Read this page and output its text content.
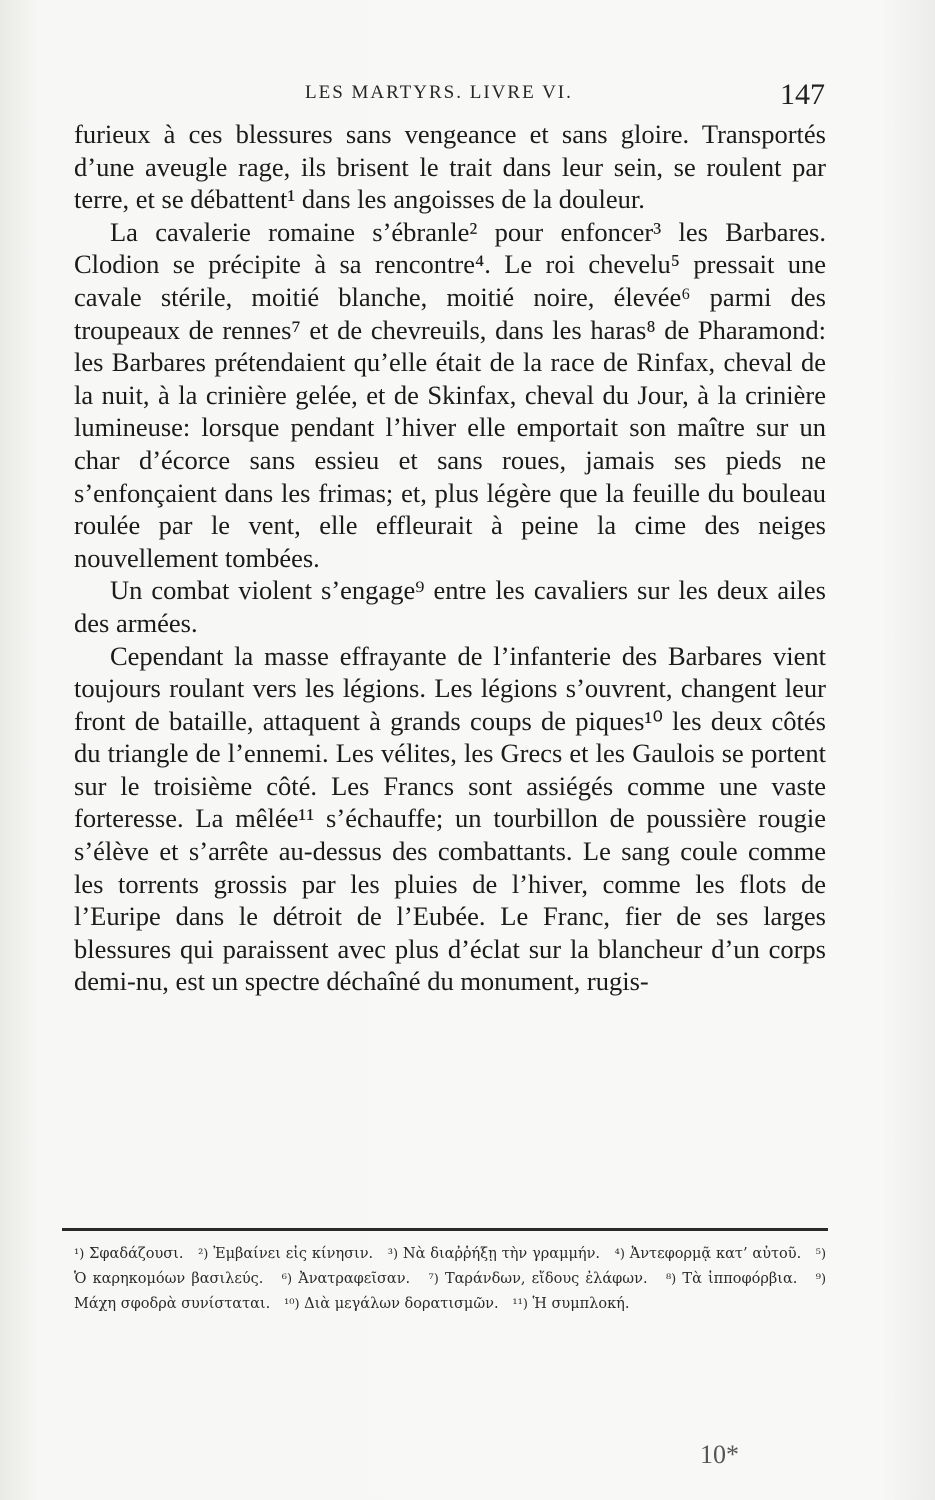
LES MARTYRS. LIVRE VI.	147

furieux à ces blessures sans vengeance et sans gloire. Transportés d’une aveugle rage, ils brisent le trait dans leur sein, se roulent par terre, et se débattent¹ dans les angoisses de la douleur.

La cavalerie romaine s’ébranle² pour enfoncer³ les Barbares. Clodion se précipite à sa rencontre⁴. Le roi chevelu⁵ pressait une cavale stérile, moitié blanche, moitié noire, élevée⁶ parmi des troupeaux de rennes⁷ et de chevreuils, dans les haras⁸ de Pharamond: les Barbares prétendaient qu’elle était de la race de Rinfax, cheval de la nuit, à la crinière gelée, et de Skinfax, cheval du Jour, à la crinière lumineuse: lorsque pendant l’hiver elle emportait son maître sur un char d’écorce sans essieu et sans roues, jamais ses pieds ne s’enfonçaient dans les frimas; et, plus légère que la feuille du bouleau roulée par le vent, elle effleurait à peine la cime des neiges nouvellement tombées.

Un combat violent s’engage⁹ entre les cavaliers sur les deux ailes des armées.

Cependant la masse effrayante de l’infanterie des Barbares vient toujours roulant vers les légions. Les légions s’ouvrent, changent leur front de bataille, attaquent à grands coups de piques¹⁰ les deux côtés du triangle de l’ennemi. Les vélites, les Grecs et les Gaulois se portent sur le troisième côté. Les Francs sont assiégés comme une vaste forteresse. La mêlée¹¹ s’échauffe; un tourbillon de poussière rougie s’élève et s’arrête au-dessus des combattants. Le sang coule comme les torrents grossis par les pluies de l’hiver, comme les flots de l’Euripe dans le détroit de l’Eubée. Le Franc, fier de ses larges blessures qui paraissent avec plus d’éclat sur la blancheur d’un corps demi-nu, est un spectre déchaîné du monument, rugis-

¹) Σφαδάζουσι. ²) Ἐμβαίνει εἰς κίνησιν. ³) Νὰ διαῤῥήξῃ τὴν γραμμήν. ⁴) Ἀντεφορμᾷ κατ’ αὐτοῦ. ⁵) Ὁ καρηκομόων βασιλεύς. ⁶) Ἀνατραφεῖσαν. ⁷) Ταράνδων, εἴδους ἐλάφων. ⁸) Τὰ ἱπποφόρβια. ⁹) Μάχη σφοδρὰ συνίσταται. ¹⁰) Διὰ μεγάλων δορατισμῶν. ¹¹) Ἡ συμπλοκή.
10*
